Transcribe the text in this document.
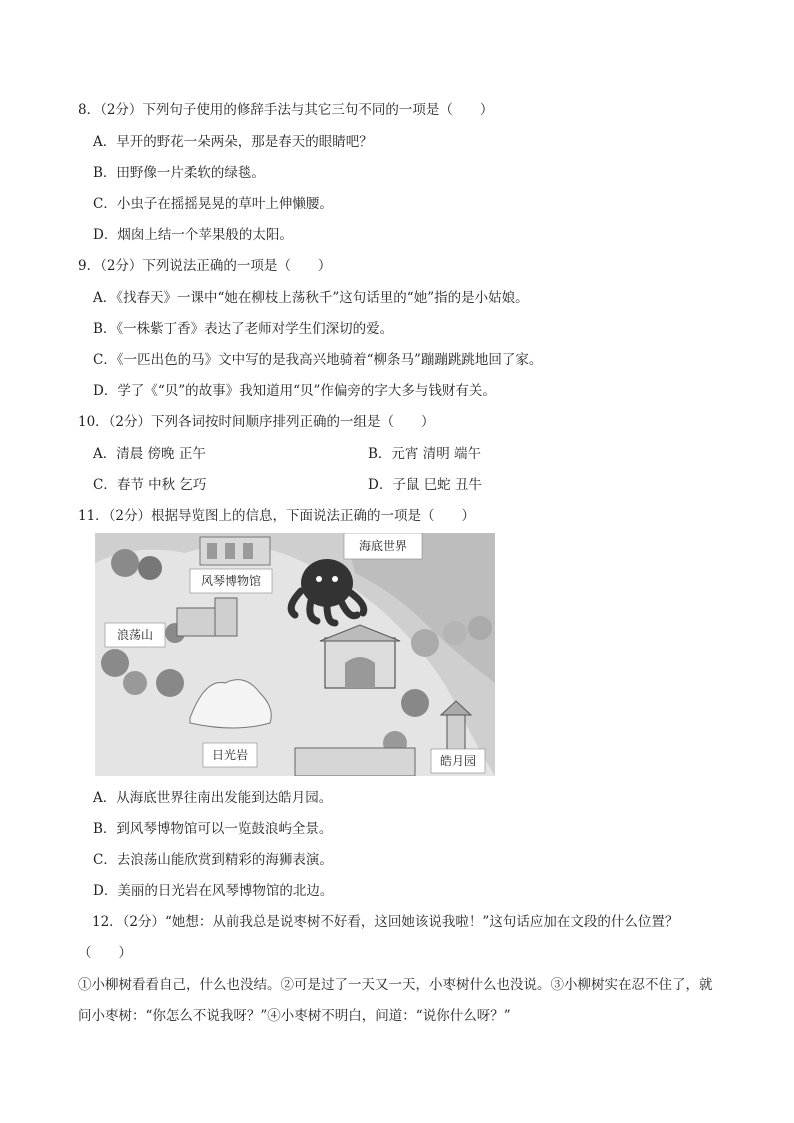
8．（2分）下列句子使用的修辞手法与其它三句不同的一项是（　　）
A．早开的野花一朵两朵，那是春天的眼睛吧？
B．田野像一片柔软的绿毯。
C．小虫子在摇摇晃晃的草叶上伸懒腰。
D．烟囱上结一个苹果般的太阳。
9．（2分）下列说法正确的一项是（　　）
A．《找春天》一课中“她在柳枝上荡秋千”这句话里的“她”指的是小姑娘。
B．《一株紫丁香》表达了老师对学生们深切的爱。
C．《一匹出色的马》文中写的是我高兴地骑着“柳条马”蹦蹦跳跳地回了家。
D．学了《“贝”的故事》我知道用“贝”作偏旁的字大多与钱财有关。
10．（2分）下列各词按时间顺序排列正确的一组是（　　）
A．清晨 傍晚 正午	B．元宵 清明 端午
C．春节 中秋 乞巧	D．子鼠 巳蛇 丑牛
11．（2分）根据导览图上的信息，下面说法正确的一项是（　　）
海底世界
风琴博物馆
浪荡山
日光岩	皓月园
A．从海底世界往南出发能到达皓月园。
B．到风琴博物馆可以一览鼓浪屿全景。
C．去浪荡山能欣赏到精彩的海狮表演。
D．美丽的日光岩在风琴博物馆的北边。
12．（2分）“她想：从前我总是说枣树不好看，这回她该说我啦！”这句话应加在文段的什么位置？
（　　）
①小柳树看看自己，什么也没结。②可是过了一天又一天，小枣树什么也没说。③小柳树实在忍不住了，就问小枣树：“你怎么不说我呀？”④小枣树不明白，问道：“说你什么呀？”
